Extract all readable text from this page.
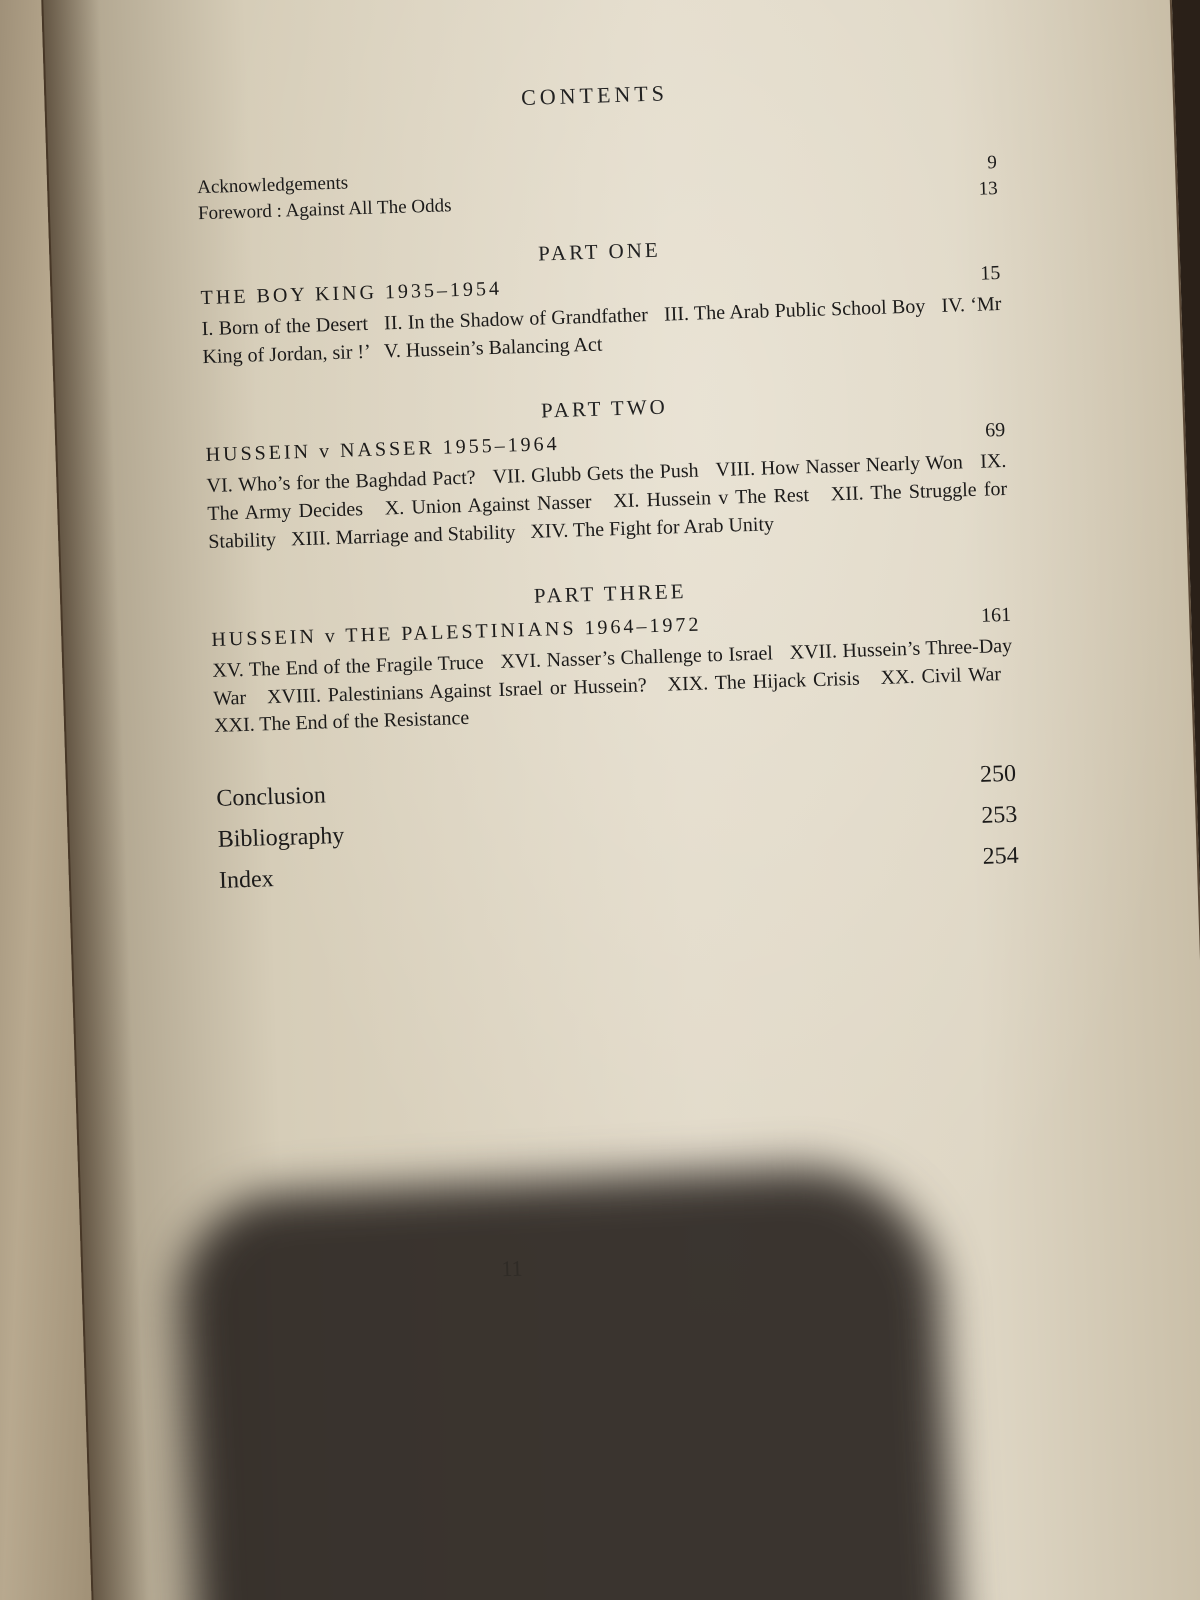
CONTENTS
Acknowledgements
9
Foreword : Against All The Odds
13
PART ONE
THE BOY KING 1935–1954
15
I. Born of the Desert II. In the Shadow of Grandfather III. The Arab Public School Boy IV. ‘Mr King of Jordan, sir !’ V. Hussein’s Balancing Act
PART TWO
HUSSEIN v NASSER 1955–1964
69
VI. Who’s for the Baghdad Pact? VII. Glubb Gets the Push VIII. How Nasser Nearly Won IX. The Army Decides X. Union Against Nasser XI. Hussein v The Rest XII. The Struggle for Stability XIII. Marriage and Stability XIV. The Fight for Arab Unity
PART THREE
HUSSEIN v THE PALESTINIANS 1964–1972	161
XV. The End of the Fragile Truce XVI. Nasser’s Challenge to Israel XVII. Hussein’s Three-Day War XVIII. Palestinians Against Israel or Hussein? XIX. The Hijack Crisis XX. Civil War XXI. The End of the Resistance
Conclusion
250
Bibliography
253
Index
254
11
